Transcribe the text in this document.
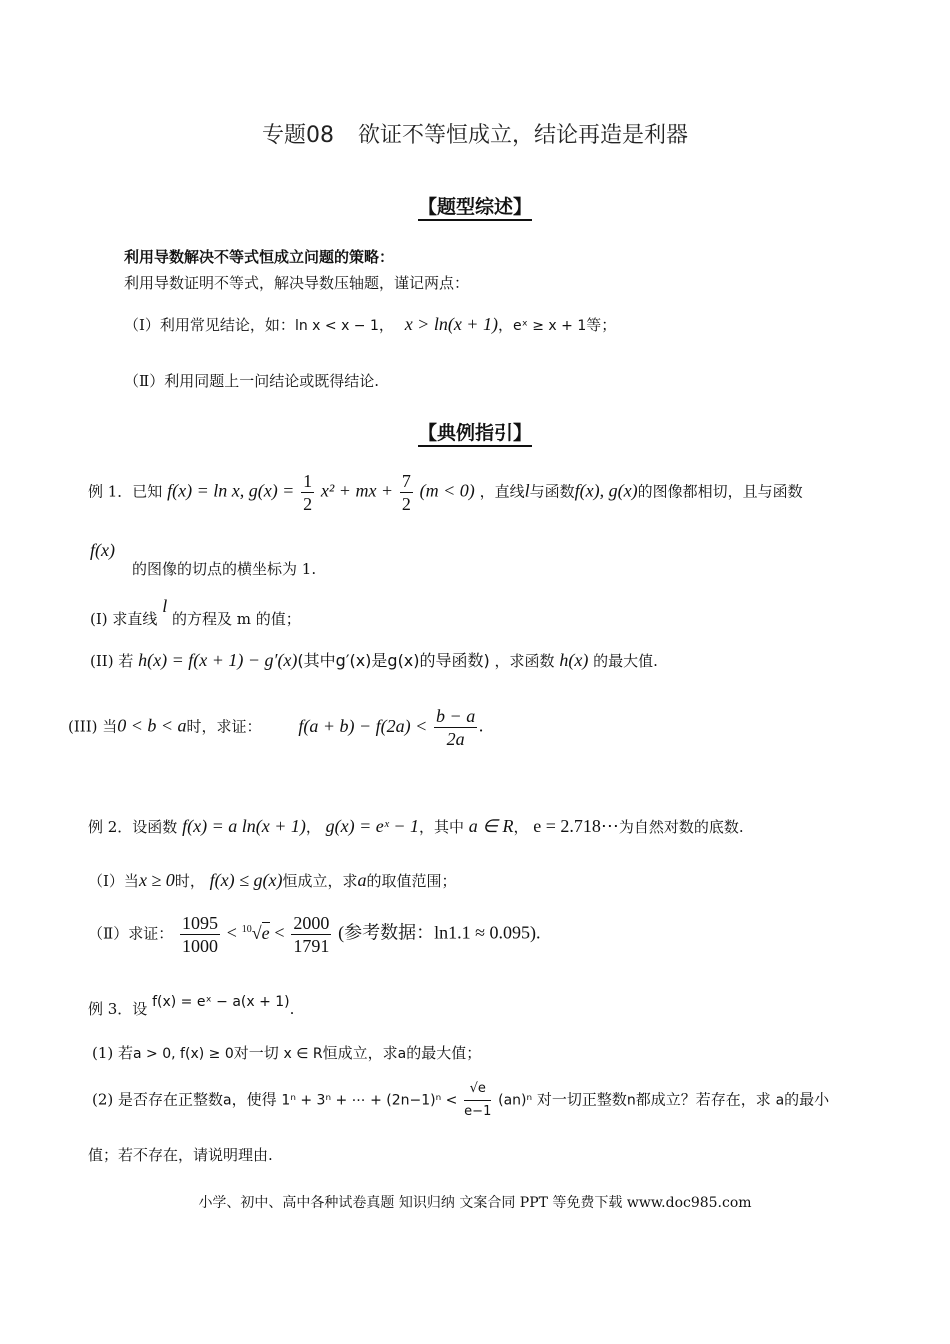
专题08 欲证不等恒成立，结论再造是利器
【题型综述】
利用导数解决不等式恒成立问题的策略：
利用导数证明不等式，解决导数压轴题，谨记两点：
（Ⅰ）利用常见结论，如：ln x < x − 1， x > ln(x + 1)，eˣ ≥ x + 1等；
（Ⅱ）利用同题上一问结论或既得结论.
【典例指引】
例 1．已知 f(x) = ln x, $g(x) = \frac{1}{2} x^2$ + mx + $\frac{7}{2} (m < 0)$ ，直线l与函数f(x), g(x)的图像都相切，且与函数
f(x)
的图像的切点的横坐标为 1.
(I) 求直线 l 的方程及 m 的值；
(II) 若 h(x) = f(x + 1) − g′(x)(其中g′(x)是g(x)的导函数) ，求函数 h(x) 的最大值.
(III) 当0 < b < a时，求证： $f(a + b) - f(2a) < \frac{b - a}{2a}$ .
例 2．设函数 f(x) = a ln(x + 1)， g(x) = eˣ − 1，其中 a ∈ R， e = 2.718⋯为自然对数的底数.
（Ⅰ）当x ≥ 0时， f(x) ≤ g(x)恒成立，求a的取值范围；
（Ⅱ）求证： $\frac{1095}{1000} < ^{10}√e < \frac{2000}{1791}$ (参考数据：ln1.1 ≈ 0.095).
例 3．设 f(x) = eˣ − a(x + 1).
(1) 若a > 0, f(x) ≥ 0对一切 x ∈ R恒成立，求a的最大值；
(2) 是否存在正整数a，使得 1ⁿ + 3ⁿ + ⋯ + $(2n-1)^n < \frac{√e}{e-1} (an)^n$ 对一切正整数n都成立？若存在，求 a的最小
值；若不存在，请说明理由.
小学、初中、高中各种试卷真题 知识归纳 文案合同 PPT 等免费下载 www.doc985.com
